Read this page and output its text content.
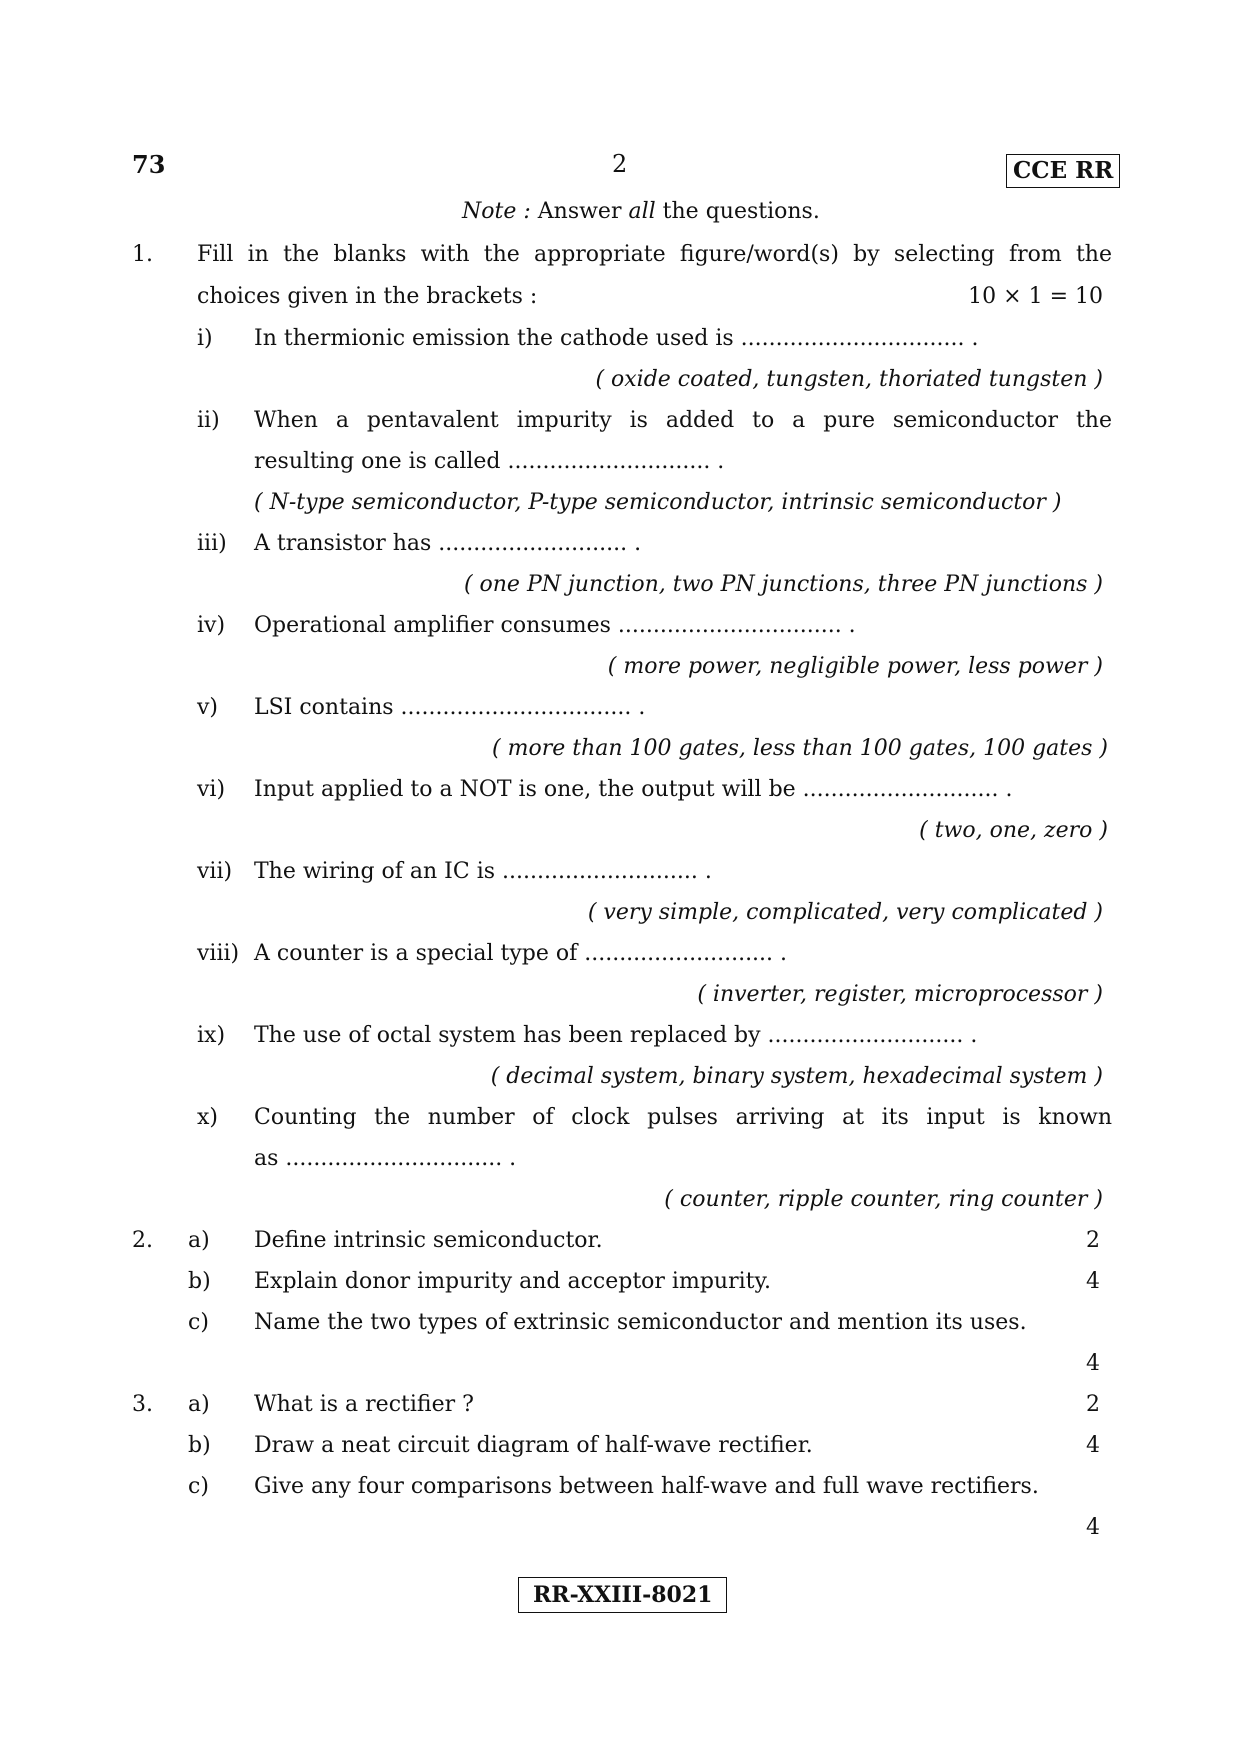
73	2	CCE RR
Note : Answer all the questions.
1. Fill in the blanks with the appropriate figure/word(s) by selecting from the
choices given in the brackets :	10 × 1 = 10
i) In thermionic emission the cathode used is ................................ .
( oxide coated, tungsten, thoriated tungsten )
ii) When a pentavalent impurity is added to a pure semiconductor the
resulting one is called ............................. .
( N-type semiconductor, P-type semiconductor, intrinsic semiconductor )
iii) A transistor has ........................... .
( one PN junction, two PN junctions, three PN junctions )
iv) Operational amplifier consumes ................................ .
( more power, negligible power, less power )
v) LSI contains ................................. .
( more than 100 gates, less than 100 gates, 100 gates )
vi) Input applied to a NOT is one, the output will be ............................ .
( two, one, zero )
vii) The wiring of an IC is ............................ .
( very simple, complicated, very complicated )
viii) A counter is a special type of ........................... .
( inverter, register, microprocessor )
ix) The use of octal system has been replaced by ............................ .
( decimal system, binary system, hexadecimal system )
x) Counting the number of clock pulses arriving at its input is known
as ............................... .
( counter, ripple counter, ring counter )
2. a) Define intrinsic semiconductor.	2
b) Explain donor impurity and acceptor impurity.	4
c) Name the two types of extrinsic semiconductor and mention its uses.
4
3. a) What is a rectifier ?	2
b) Draw a neat circuit diagram of half-wave rectifier.	4
c) Give any four comparisons between half-wave and full wave rectifiers.
4
RR-XXIII-8021
